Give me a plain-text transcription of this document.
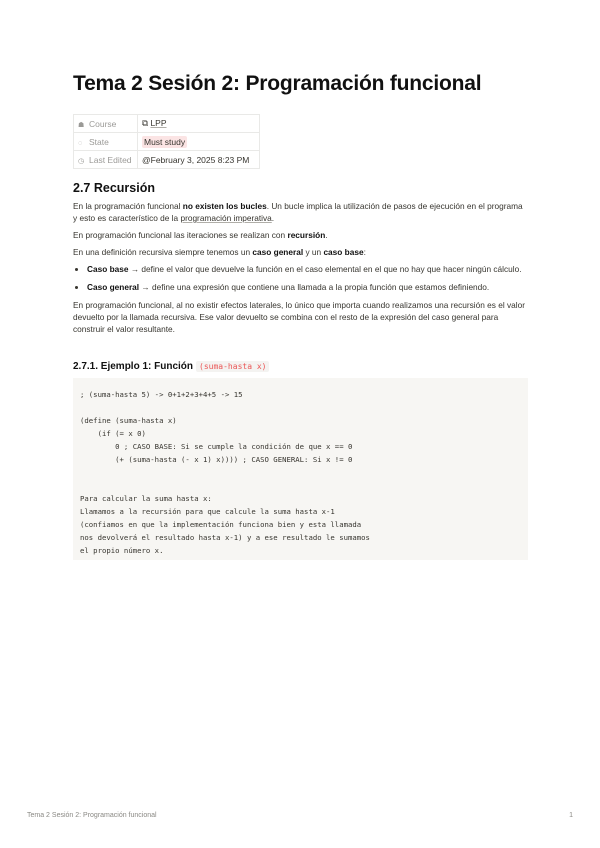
Tema 2 Sesión 2: Programación funcional
☗ Course	⧉ LPP
◌ State	Must study
◷ Last Edited	@February 3, 2025 8:23 PM
2.7 Recursión

En la programación funcional no existen los bucles. Un bucle implica la utilización de pasos de ejecución en el programa y esto es característico de la programación imperativa.

En programación funcional las iteraciones se realizan con recursión.

En una definición recursiva siempre tenemos un caso general y un caso base:

• Caso base → define el valor que devuelve la función en el caso elemental en el que no hay que hacer ningún cálculo.
• Caso general → define una expresión que contiene una llamada a la propia función que estamos definiendo.

En programación funcional, al no existir efectos laterales, lo único que importa cuando realizamos una recursión es el valor devuelto por la llamada recursiva. Ese valor devuelto se combina con el resto de la expresión del caso general para construir el valor resultante.

2.7.1. Ejemplo 1: Función (suma-hasta x)
; (suma-hasta 5) -> 0+1+2+3+4+5 -> 15
(define (suma-hasta x)
(if (= x 0)
0 ; CASO BASE: Si se cumple la condición de que x == 0
(+ (suma-hasta (- x 1) x)))) ; CASO GENERAL: Si x != 0
Para calcular la suma hasta x:
Llamamos a la recursión para que calcule la suma hasta x-1
(confiamos en que la implementación funciona bien y esta llamada
nos devolverá el resultado hasta x-1) y a ese resultado le sumamos
el propio número x.
Tema 2 Sesión 2: Programación funcional	1
